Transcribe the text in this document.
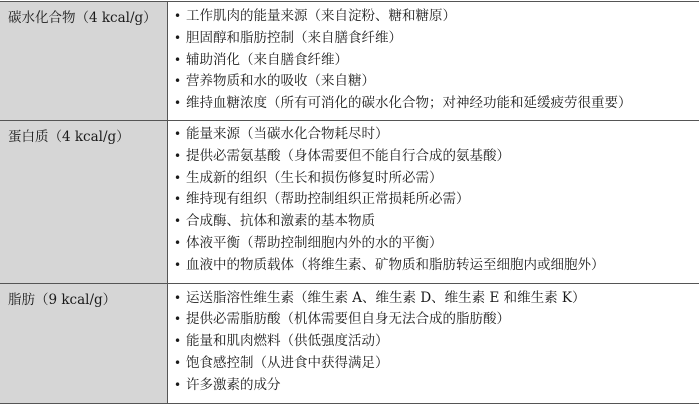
碳水化合物（4 kcal/g）	• 工作肌肉的能量来源（来自淀粉、糖和糖原）
• 胆固醇和脂肪控制（来自膳食纤维）
• 辅助消化（来自膳食纤维）
• 营养物质和水的吸收（来自糖）
• 维持血糖浓度（所有可消化的碳水化合物；对神经功能和延缓疲劳很重要）
蛋白质（4 kcal/g）	• 能量来源（当碳水化合物耗尽时）
• 提供必需氨基酸（身体需要但不能自行合成的氨基酸）
• 生成新的组织（生长和损伤修复时所必需）
• 维持现有组织（帮助控制组织正常损耗所必需）
• 合成酶、抗体和激素的基本物质
• 体液平衡（帮助控制细胞内外的水的平衡）
• 血液中的物质载体（将维生素、矿物质和脂肪转运至细胞内或细胞外）
脂肪（9 kcal/g）	• 运送脂溶性维生素（维生素 A、维生素 D、维生素 E 和维生素 K）
• 提供必需脂肪酸（机体需要但自身无法合成的脂肪酸）
• 能量和肌肉燃料（供低强度活动）
• 饱食感控制（从进食中获得满足）
• 许多激素的成分
